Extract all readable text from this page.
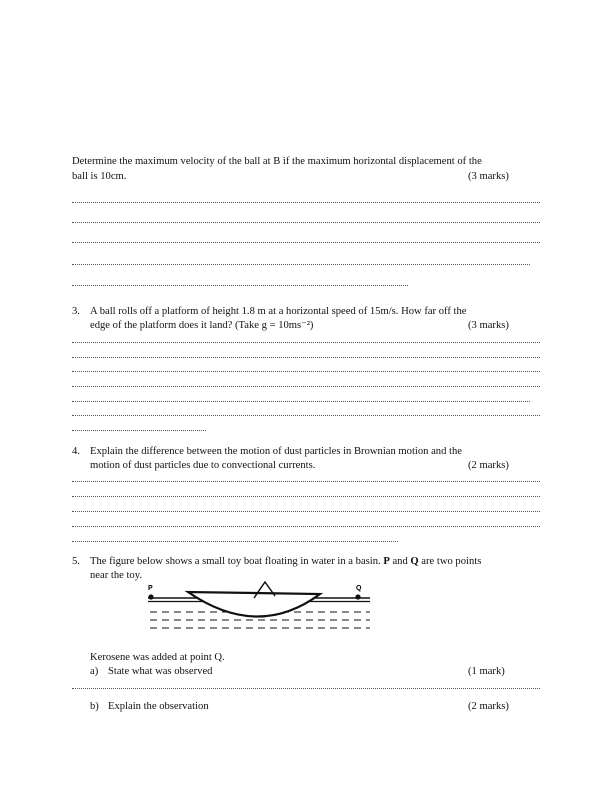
Determine the maximum velocity of the ball at B if the maximum horizontal displacement of the
ball is 10cm.	(3 marks)
3. A ball rolls off a platform of height 1.8 m at a horizontal speed of 15m/s. How far off the
edge of the platform does it land? (Take g = 10ms⁻²)	(3 marks)
4. Explain the difference between the motion of dust particles in Brownian motion and the
motion of dust particles due to convectional currents.	(2 marks)
5. The figure below shows a small toy boat floating in water in a basin. P and Q are two points
near the toy.
P	Q
Kerosene was added at point Q.
a) State what was observed	(1 mark)
b) Explain the observation	(2 marks)
